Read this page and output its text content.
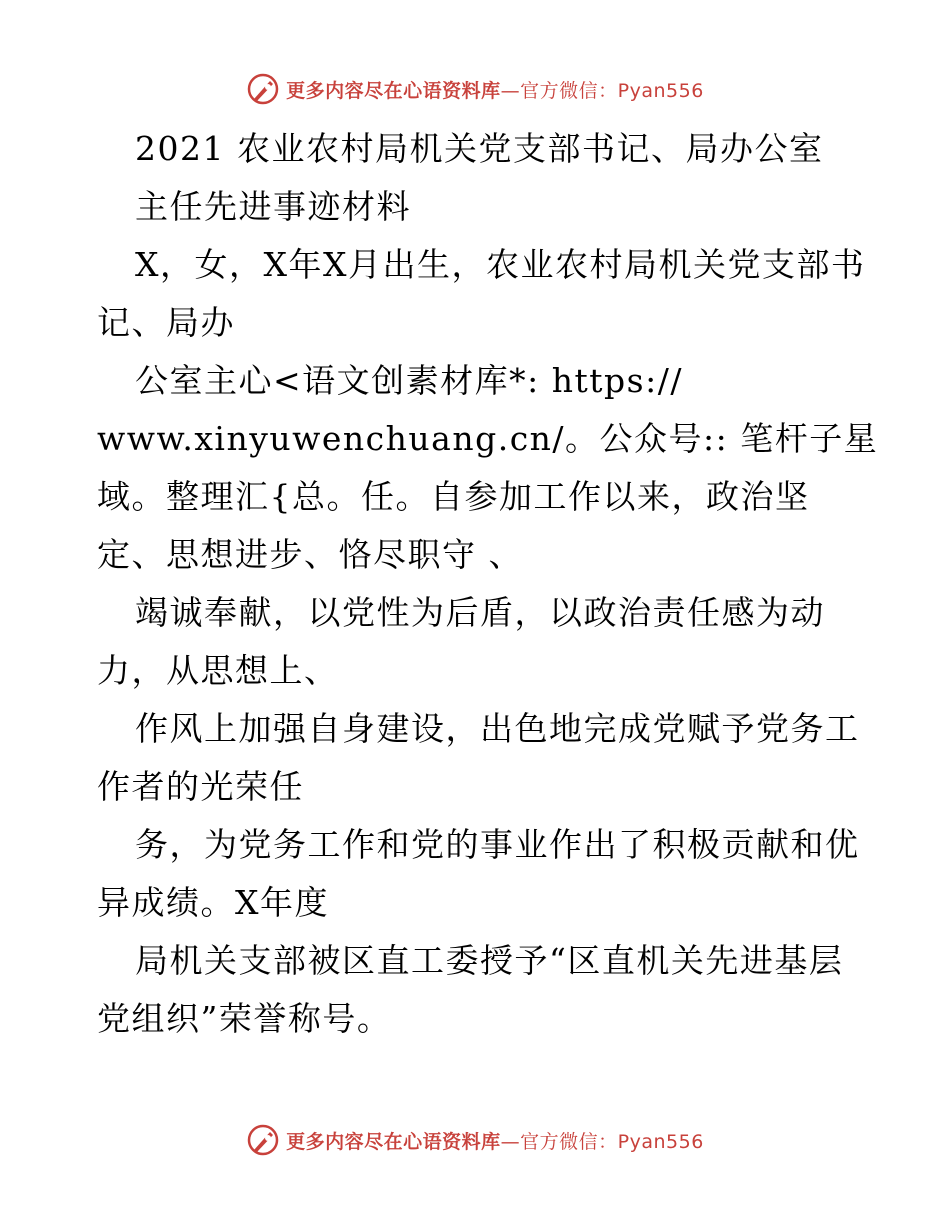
更多内容尽在心语资料库—官方微信：Pyan556
2021 农业农村局机关党支部书记、局办公室
主任先进事迹材料
X，女，X年X月出生，农业农村局机关党支部书
记、局办
公室主心<语文创素材库*: https://
www.xinyuwenchuang.cn/。公众号:: 笔杆子星
域。整理汇{总。任。自参加工作以来，政治坚
定、思想进步、恪尽职守 、
竭诚奉献，以党性为后盾，以政治责任感为动
力，从思想上、
作风上加强自身建设，出色地完成党赋予党务工
作者的光荣任
务，为党务工作和党的事业作出了积极贡献和优
异成绩。X年度
局机关支部被区直工委授予“区直机关先进基层
党组织”荣誉称号。
更多内容尽在心语资料库—官方微信：Pyan556
